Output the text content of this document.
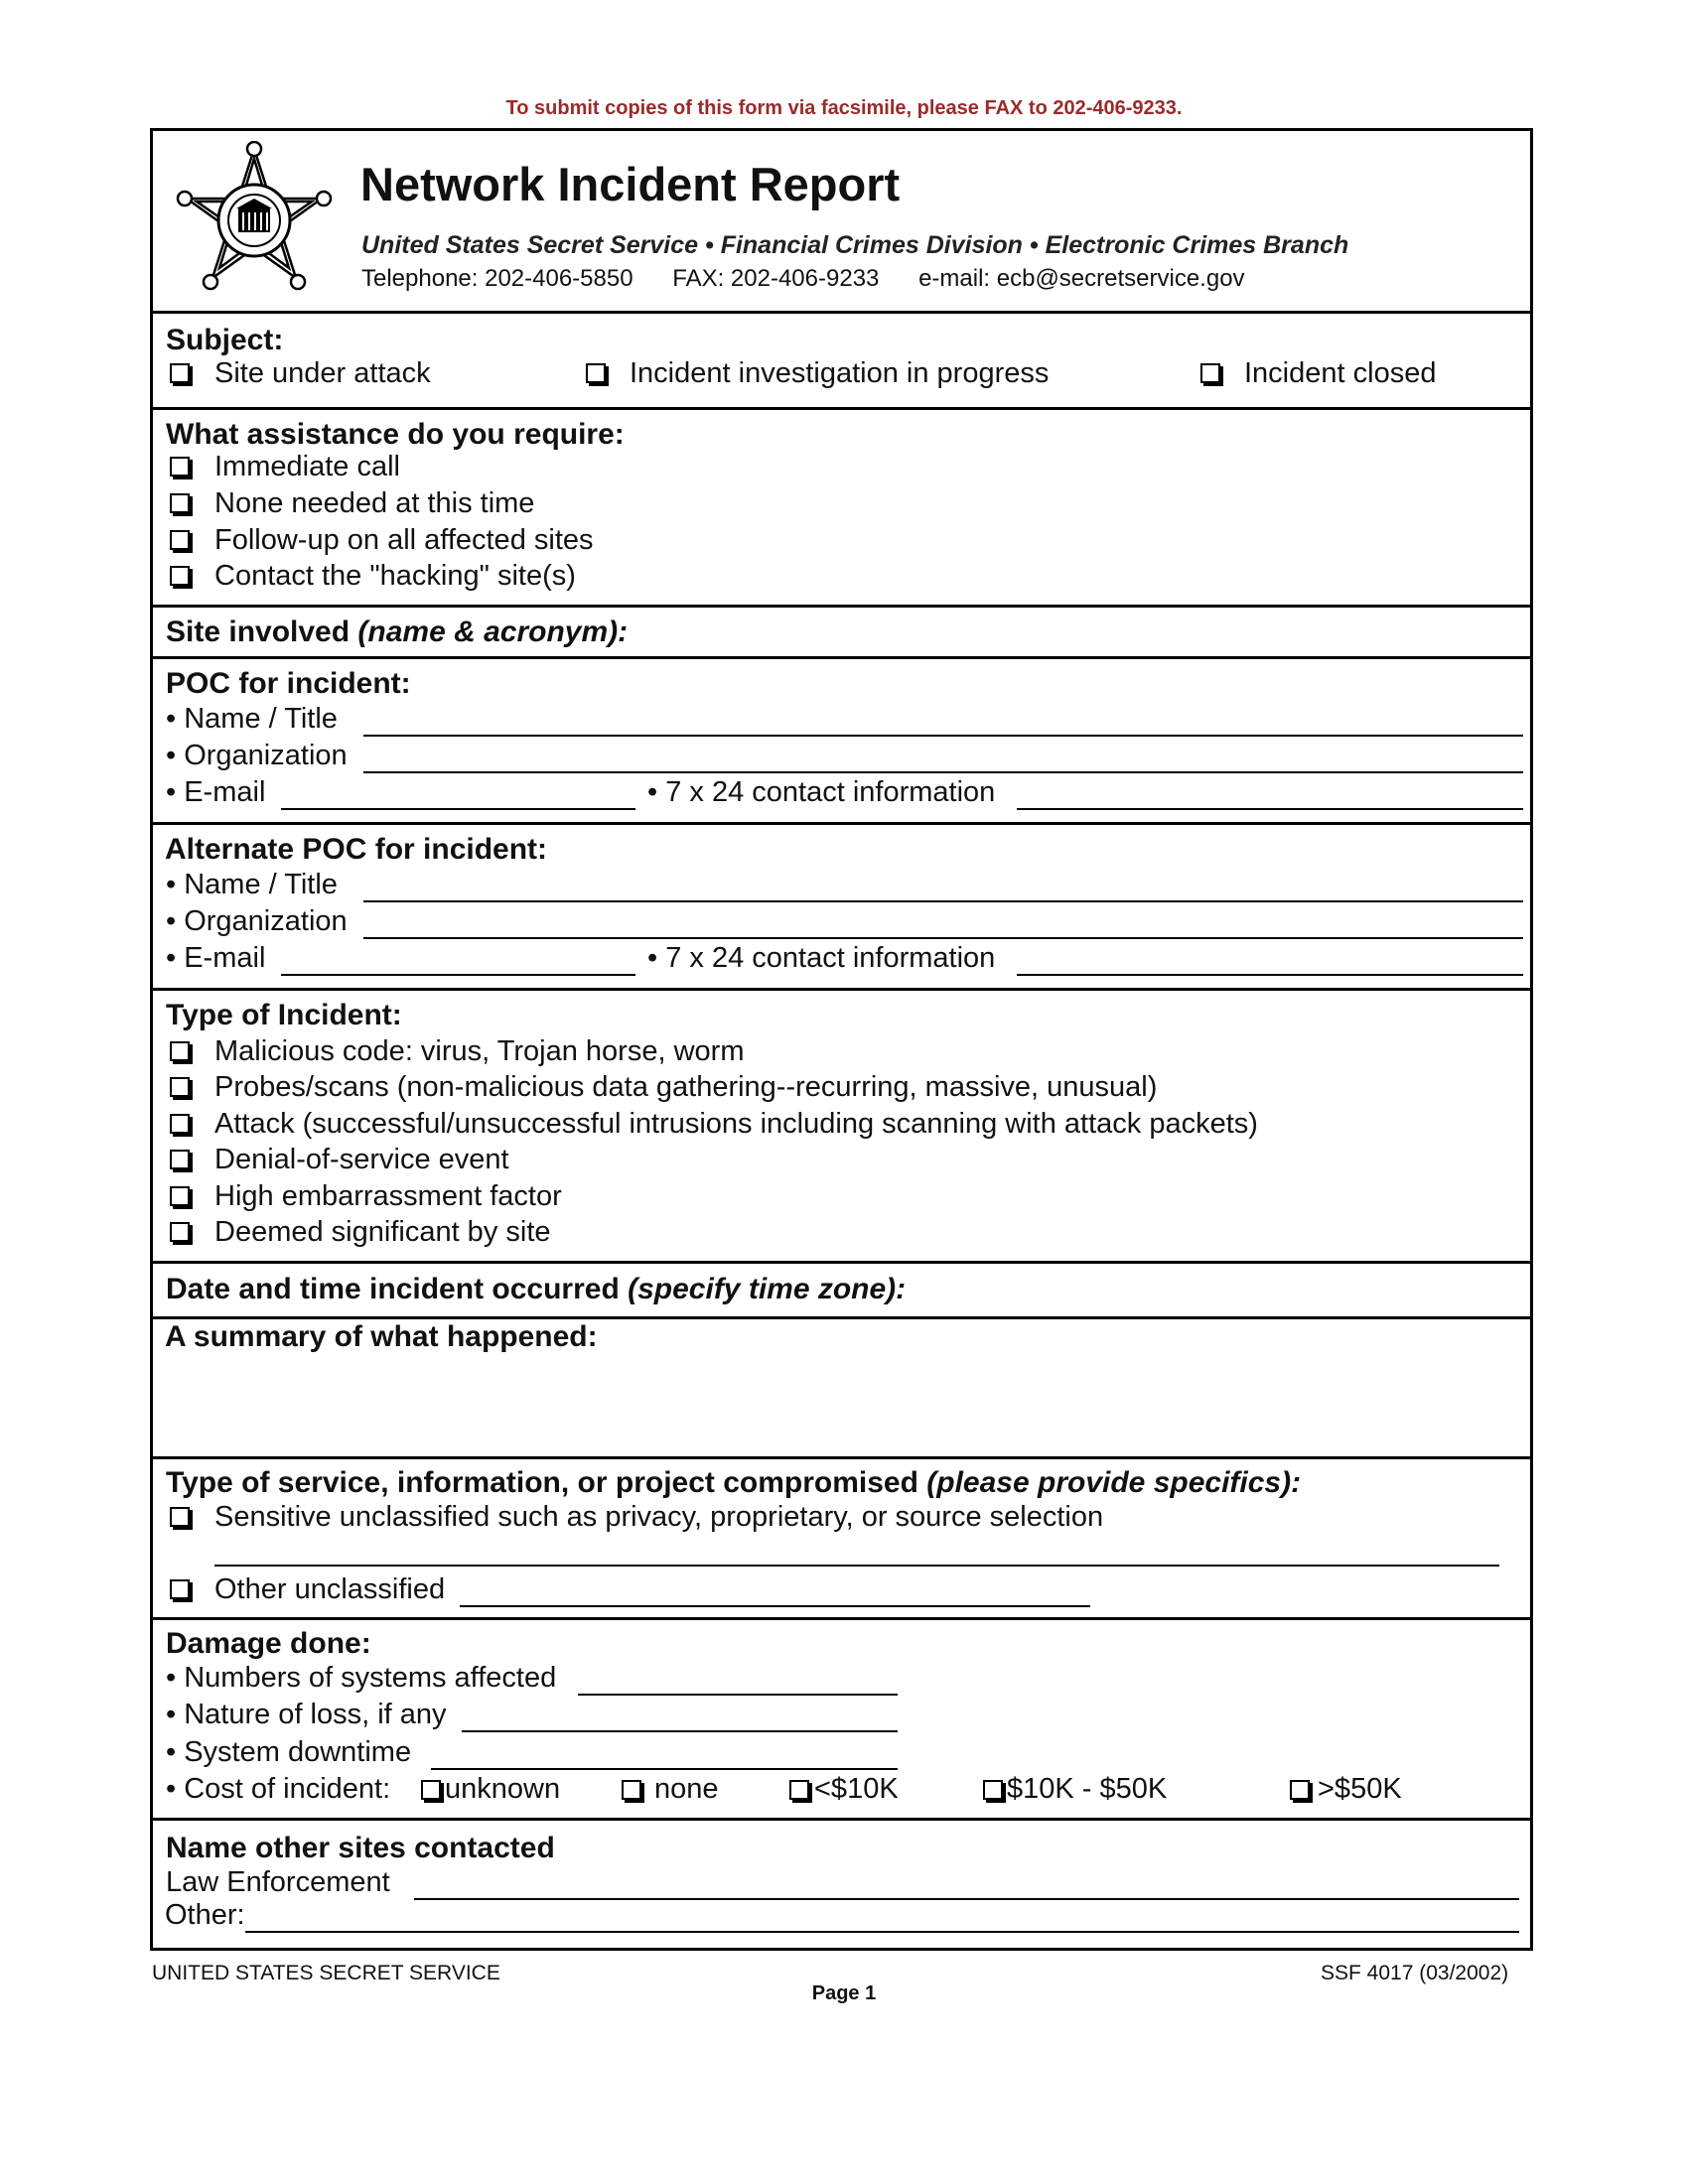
To submit copies of this form via facsimile, please FAX to 202-406-9233.
Network Incident Report
United States Secret Service • Financial Crimes Division • Electronic Crimes Branch
Telephone: 202-406-5850 FAX: 202-406-9233 e-mail: ecb@secretservice.gov
Subject:
Site under attack	Incident investigation in progress	Incident closed
What assistance do you require:
Immediate call
None needed at this time
Follow-up on all affected sites
Contact the "hacking" site(s)
Site involved (name & acronym):
POC for incident:
• Name / Title
• Organization
• E-mail	• 7 x 24 contact information
Alternate POC for incident:
• Name / Title
• Organization
• E-mail	• 7 x 24 contact information
Type of Incident:
Malicious code: virus, Trojan horse, worm
Probes/scans (non-malicious data gathering--recurring, massive, unusual)
Attack (successful/unsuccessful intrusions including scanning with attack packets)
Denial-of-service event
High embarrassment factor
Deemed significant by site
Date and time incident occurred (specify time zone):
A summary of what happened:
Type of service, information, or project compromised (please provide specifics):
Sensitive unclassified such as privacy, proprietary, or source selection
Other unclassified
Damage done:
• Numbers of systems affected
• Nature of loss, if any
• System downtime
• Cost of incident: unknown	none	<$10K	$10K - $50K	>$50K
Name other sites contacted
Law Enforcement
Other:
UNITED STATES SECRET SERVICE
Page 1
SSF 4017 (03/2002)
